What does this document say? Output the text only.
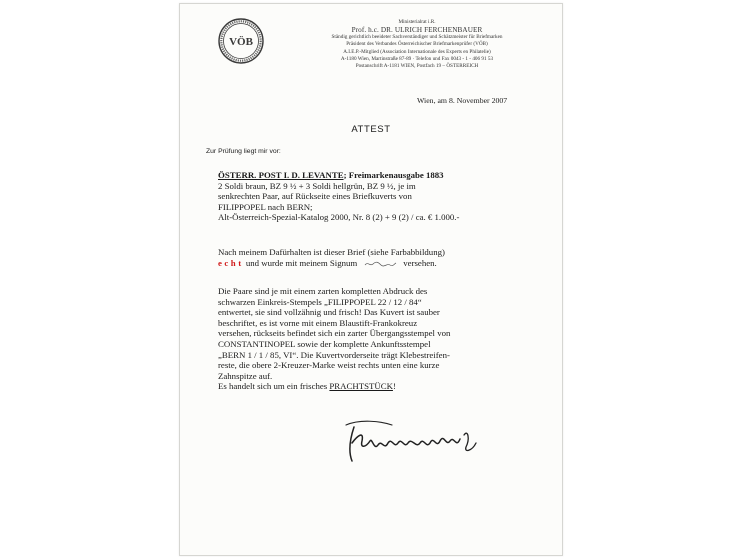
VÖB
Ministerialrat i.R.
Prof. h.c. DR. ULRICH FERCHENBAUER
Ständig gerichtlich beeideter Sachverständiger und Schätzmeister für Briefmarken
Präsident des Verbandes Österreichischer Briefmarkenprüfer (VÖB)
A.I.E.P.-Mitglied (Association Internationale des Experts en Philatelie)
A-1180 Wien, Martinstraße 87-89 · Telefon und Fax 0043 - 1 - 406 91 53
Postanschrift A-1181 WIEN, Postfach 19 – ÖSTERREICH
Wien, am 8. November 2007
ATTEST
Zur Prüfung liegt mir vor:
ÖSTERR. POST I. D. LEVANTE; Freimarkenausgabe 1883
2 Soldi braun, BZ 9 ½ + 3 Soldi hellgrün, BZ 9 ½, je im
senkrechten Paar, auf Rückseite eines Briefkuverts von
FILIPPOPEL nach BERN;
Alt-Österreich-Spezial-Katalog 2000, Nr. 8 (2) + 9 (2) / ca. € 1.000.-
Nach meinem Dafürhalten ist dieser Brief (siehe Farbabbildung)
echt und wurde mit meinem Signum	versehen.
Die Paare sind je mit einem zarten kompletten Abdruck des
schwarzen Einkreis-Stempels „FILIPPOPEL 22 / 12 / 84“
entwertet, sie sind vollzähnig und frisch! Das Kuvert ist sauber
beschriftet, es ist vorne mit einem Blaustift-Frankokreuz
versehen, rückseits befindet sich ein zarter Übergangsstempel von
CONSTANTINOPEL sowie der komplette Ankunftsstempel
„BERN 1 / 1 / 85, VI“. Die Kuvertvorderseite trägt Klebestreifen-
reste, die obere 2-Kreuzer-Marke weist rechts unten eine kurze
Zahnspitze auf.
Es handelt sich um ein frisches PRACHTSTÜCK!
